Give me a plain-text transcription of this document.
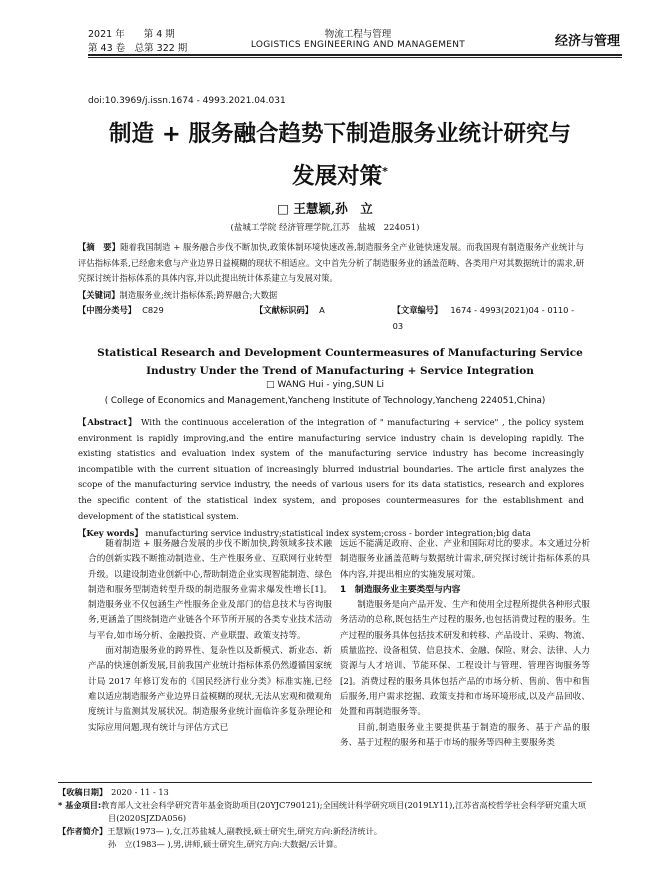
2021 年　　第 4 期
第 43 卷　总第 322 期
物流工程与管理
LOGISTICS ENGINEERING AND MANAGEMENT	经济与管理
doi:10.3969/j.issn.1674 - 4993.2021.04.031
制造 + 服务融合趋势下制造服务业统计研究与
发展对策*
□ 王慧颖,孙　立
(盐城工学院 经济管理学院,江苏　盐城　224051)

【摘　要】随着我国制造 + 服务融合步伐不断加快,政策体制环境快速改善,制造服务全产业链快速发展。而我国现有制造服务产业统计与评估指标体系,已经愈来愈与产业边界日益模糊的现状不相适应。文中首先分析了制造服务业的涵盖范畴、各类用户对其数据统计的需求,研究探讨统计指标体系的具体内容,并以此提出统计体系建立与发展对策。

【关键词】制造服务业;统计指标体系;跨界融合;大数据

【中图分类号】 C829	【文献标识码】 A	【文章编号】 1674 - 4993(2021)04 - 0110 - 03
Statistical Research and Development Countermeasures of Manufacturing Service
Industry Under the Trend of Manufacturing + Service Integration
□ WANG Hui - ying,SUN Li
( College of Economics and Management,Yancheng Institute of Technology,Yancheng 224051,China)

【Abstract】 With the continuous acceleration of the integration of " manufacturing + service" , the policy system environment is rapidly improving,and the entire manufacturing service industry chain is developing rapidly. The existing statistics and evaluation index system of the manufacturing service industry has become increasingly incompatible with the current situation of increasingly blurred industrial boundaries. The article first analyzes the scope of the manufacturing service industry, the needs of various users for its data statistics, research and explores the specific content of the statistical index system, and proposes countermeasures for the establishment and development of the statistical system.

【Key words】 manufacturing service industry;statistical index system;cross - border integration;big data

随着制造 + 服务融合发展的步伐不断加快,跨领域多技术融合的创新实践不断推动制造业、生产性服务业、互联网行业转型升级。以建设制造业创新中心,帮助制造企业实现智能制造、绿色制造和服务型制造转型升级的制造服务业需求爆发性增长[1]。制造服务业不仅包涵生产性服务企业及部门的信息技术与咨询服务,更涵盖了围绕制造产业链各个环节所开展的各类专业技术活动与平台,如市场分析、金融投资、产业联盟、政策支持等。

面对制造服务业的跨界性、复杂性以及新模式、新业态、新产品的快速创新发展,目前我国产业统计指标体系仍然遵循国家统计局 2017 年修订发布的《国民经济行业分类》标准实施,已经难以适应制造服务产业边界日益模糊的现状,无法从宏观和微观角度统计与监测其发展状况。制造服务业统计面临许多复杂理论和实际应用问题,现有统计与评估方式已

远远不能满足政府、企业、产业和国际对比的要求。本文通过分析制造服务业涵盖范畴与数据统计需求,研究探讨统计指标体系的具体内容,并提出相应的实施发展对策。

1　制造服务业主要类型与内容

制造服务是向产品开发、生产和使用全过程所提供各种形式服务活动的总称,既包括生产过程的服务,也包括消费过程的服务。生产过程的服务具体包括技术研发和转移、产品设计、采购、物流、质量监控、设备租赁、信息技术、金融、保险、财会、法律、人力资源与人才培训、节能环保、工程设计与管理、管理咨询服务等[2]。消费过程的服务具体包括产品的市场分析、售前、售中和售后服务,用户需求挖掘、政策支持和市场环境形成,以及产品回收、处置和再制造服务等。

目前,制造服务业主要提供基于制造的服务、基于产品的服务、基于过程的服务和基于市场的服务等四种主要服务类

【收稿日期】 2020 - 11 - 13

* 基金项目:教育部人文社会科学研究青年基金资助项目(20YJC790121);全国统计科学研究项目(2019LY11),江苏省高校哲学社会科学研究重大项目(2020SJZDA056)

【作者简介】王慧颖(1973— ),女,江苏盐城人,副教授,硕士研究生,研究方向:新经济统计。

孙　立(1983— ),男,讲师,硕士研究生,研究方向:大数据/云计算。
